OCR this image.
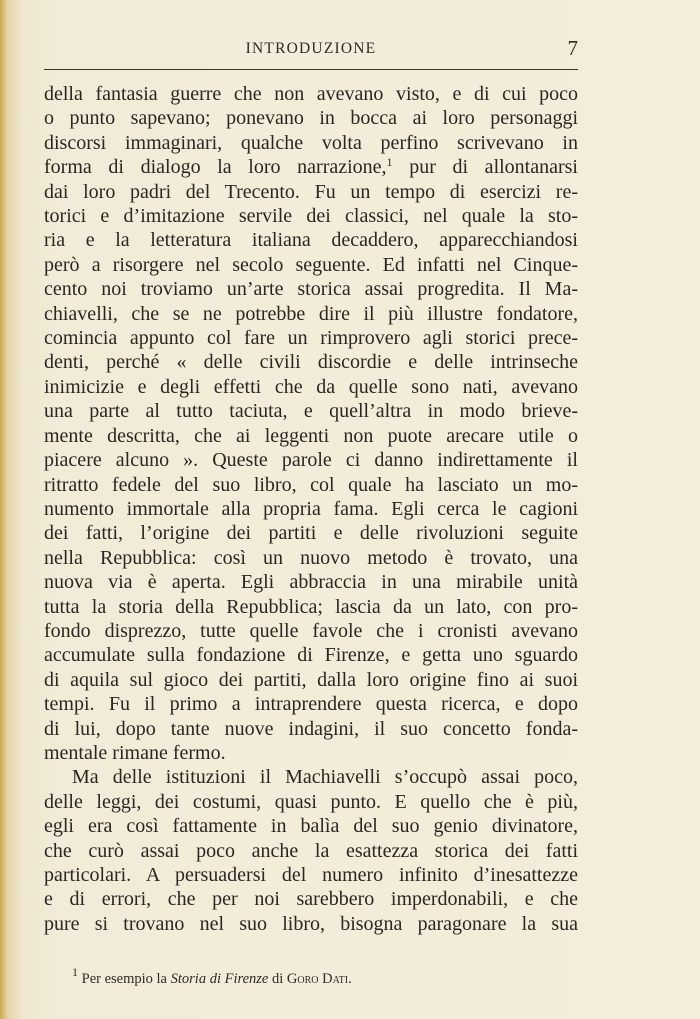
INTRODUZIONE	7

della fantasia guerre che non avevano visto, e di cui poco
o punto sapevano; ponevano in bocca ai loro personaggi
discorsi immaginari, qualche volta perfino scrivevano in
forma di dialogo la loro narrazione,$^1$ pur di allontanarsi
dai loro padri del Trecento. Fu un tempo di esercizi re-
torici e d’imitazione servile dei classici, nel quale la sto-
ria e la letteratura italiana decaddero, apparecchiandosi
però a risorgere nel secolo seguente. Ed infatti nel Cinque-
cento noi troviamo un’arte storica assai progredita. Il Ma-
chiavelli, che se ne potrebbe dire il più illustre fondatore,
comincia appunto col fare un rimprovero agli storici prece-
denti, perché « delle civili discordie e delle intrinseche
inimicizie e degli effetti che da quelle sono nati, avevano
una parte al tutto taciuta, e quell’altra in modo brieve-
mente descritta, che ai leggenti non puote arecare utile o
piacere alcuno ». Queste parole ci danno indirettamente il
ritratto fedele del suo libro, col quale ha lasciato un mo-
numento immortale alla propria fama. Egli cerca le cagioni
dei fatti, l’origine dei partiti e delle rivoluzioni seguite
nella Repubblica: così un nuovo metodo è trovato, una
nuova via è aperta. Egli abbraccia in una mirabile unità
tutta la storia della Repubblica; lascia da un lato, con pro-
fondo disprezzo, tutte quelle favole che i cronisti avevano
accumulate sulla fondazione di Firenze, e getta uno sguardo
di aquila sul gioco dei partiti, dalla loro origine fino ai suoi
tempi. Fu il primo a intraprendere questa ricerca, e dopo
di lui, dopo tante nuove indagini, il suo concetto fonda-
mentale rimane fermo.

Ma delle istituzioni il Machiavelli s’occupò assai poco,
delle leggi, dei costumi, quasi punto. E quello che è più,
egli era così fattamente in balìa del suo genio divinatore,
che curò assai poco anche la esattezza storica dei fatti
particolari. A persuadersi del numero infinito d’inesattezze
e di errori, che per noi sarebbero imperdonabili, e che
pure si trovano nel suo libro, bisogna paragonare la sua

$^1$ Per esempio la Storia di Firenze di Goro Dati.
